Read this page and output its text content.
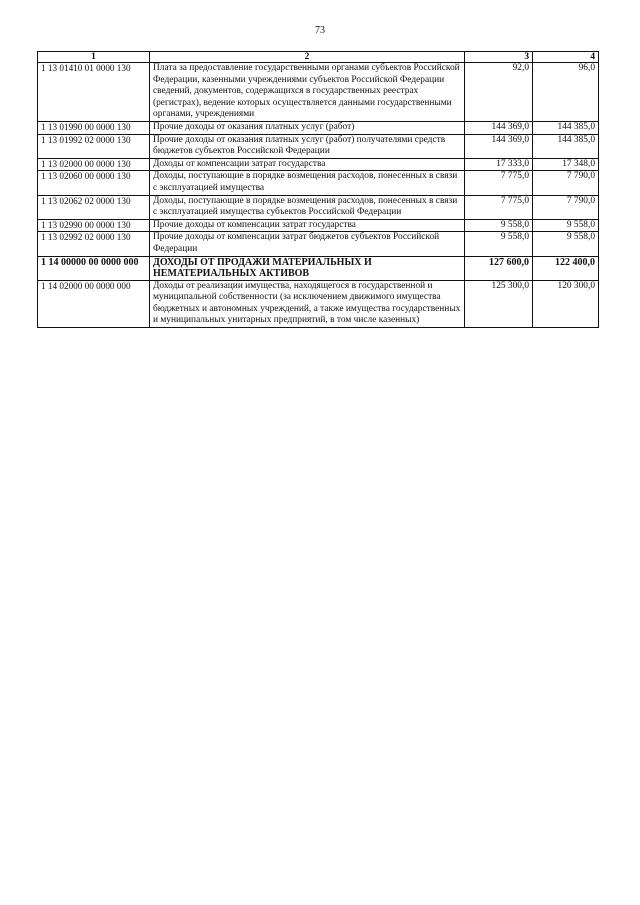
73
1	2	3	4
1 13 01410 01 0000 130	Плата за предоставление государственными органами субъектов Российской Федерации, казенными учреждениями субъектов Российской Федерации сведений, документов, содержащихся в государственных реестрах (регистрах), ведение которых осуществляется данными государственными органами, учреждениями	92,0	96,0
1 13 01990 00 0000 130	Прочие доходы от оказания платных услуг (работ)	144 369,0	144 385,0
1 13 01992 02 0000 130	Прочие доходы от оказания платных услуг (работ) получателями средств бюджетов субъектов Российской Федерации	144 369,0	144 385,0
1 13 02000 00 0000 130	Доходы от компенсации затрат государства	17 333,0	17 348,0
1 13 02060 00 0000 130	Доходы, поступающие в порядке возмещения расходов, понесенных в связи с эксплуатацией имущества	7 775,0	7 790,0
1 13 02062 02 0000 130	Доходы, поступающие в порядке возмещения расходов, понесенных в связи с эксплуатацией имущества субъектов Российской Федерации	7 775,0	7 790,0
1 13 02990 00 0000 130	Прочие доходы от компенсации затрат государства	9 558,0	9 558,0
1 13 02992 02 0000 130	Прочие доходы от компенсации затрат бюджетов субъектов Российской Федерации	9 558,0	9 558,0
1 14 00000 00 0000 000	ДОХОДЫ ОТ ПРОДАЖИ МАТЕРИАЛЬНЫХ И НЕМАТЕРИАЛЬНЫХ АКТИВОВ	127 600,0	122 400,0
1 14 02000 00 0000 000	Доходы от реализации имущества, находящегося в государственной и муниципальной собственности (за исключением движимого имущества бюджетных и автономных учреждений, а также имущества государственных и муниципальных унитарных предприятий, в том числе казенных)	125 300,0	120 300,0
